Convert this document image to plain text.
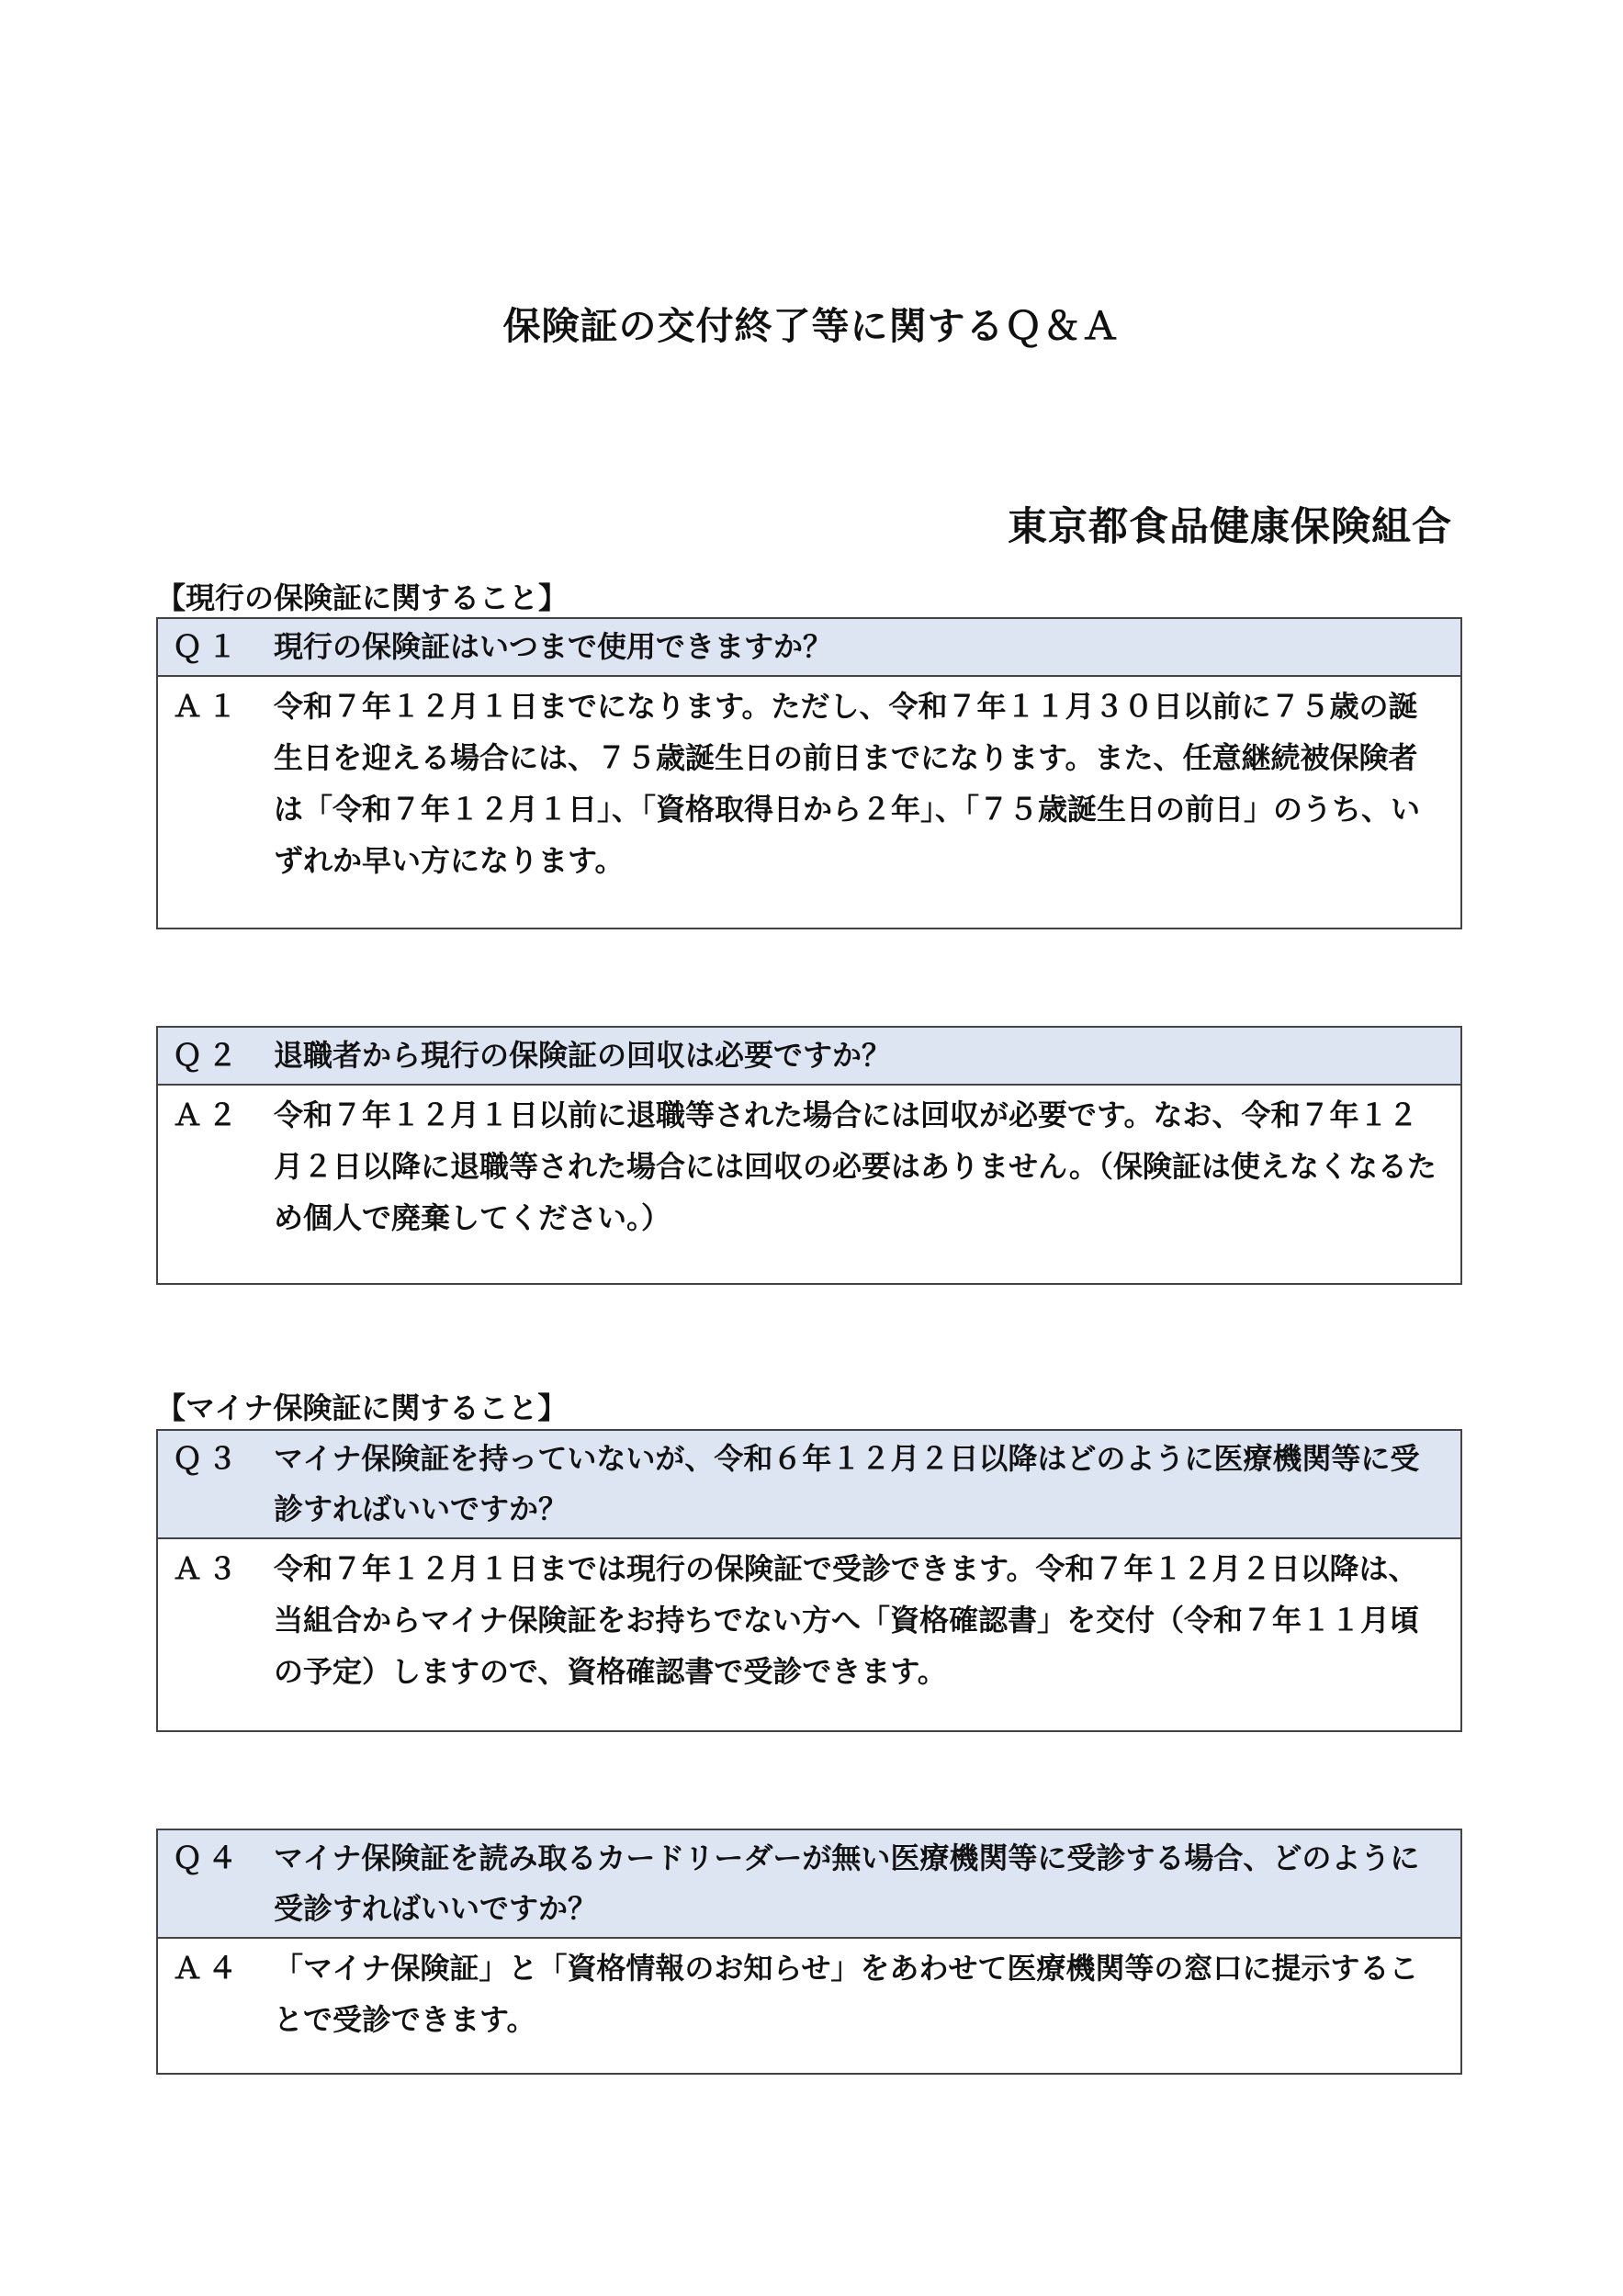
保険証の交付終了等に関するＱ＆Ａ
東京都食品健康保険組合
【現行の保険証に関すること】
Ｑ１	現行の保険証はいつまで使用できますか？
Ａ１	令和７年１２月１日までになります。ただし、令和７年１１月３０日以前に７５歳の誕生日を迎える場合には、７５歳誕生日の前日までになります。また、任意継続被保険者は「令和７年１２月１日」、「資格取得日から２年」、「７５歳誕生日の前日」のうち、いずれか早い方になります。
Ｑ２	退職者から現行の保険証の回収は必要ですか？
Ａ２	令和７年１２月１日以前に退職等された場合には回収が必要です。なお、令和７年１２月２日以降に退職等された場合には回収の必要はありません。（保険証は使えなくなるため個人で廃棄してください。）
【マイナ保険証に関すること】
Ｑ３	マイナ保険証を持っていないが、令和６年１２月２日以降はどのように医療機関等に受診すればいいですか？
Ａ３	令和７年１２月１日までは現行の保険証で受診できます。令和７年１２月２日以降は、当組合からマイナ保険証をお持ちでない方へ「資格確認書」を交付（令和７年１１月頃の予定）しますので、資格確認書で受診できます。
Ｑ４	マイナ保険証を読み取るカードリーダーが無い医療機関等に受診する場合、どのように受診すればいいですか？
Ａ４	「マイナ保険証」と「資格情報のお知らせ」をあわせて医療機関等の窓口に提示することで受診できます。
